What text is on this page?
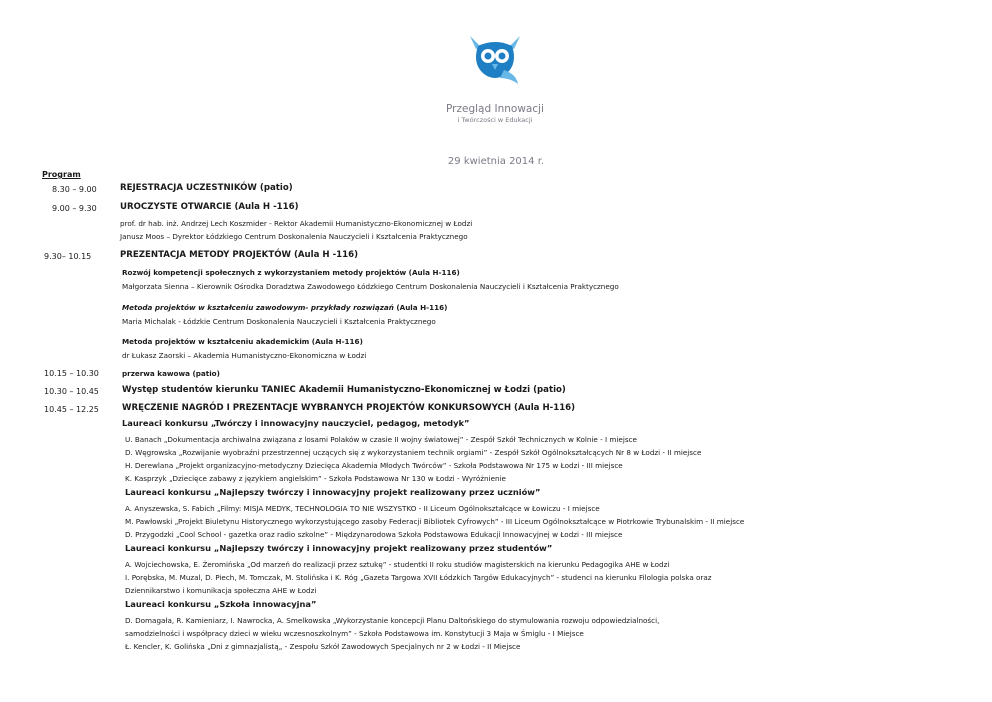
Przegląd Innowacji
i Twórczości w Edukacji
29 kwietnia 2014 r.
Program
8.30 – 9.00	REJESTRACJA UCZESTNIKÓW (patio)
9.00 – 9.30	UROCZYSTE OTWARCIE (Aula H -116)
prof. dr hab. inż. Andrzej Lech Koszmider - Rektor Akademii Humanistyczno-Ekonomicznej w Łodzi
Janusz Moos – Dyrektor Łódzkiego Centrum Doskonalenia Nauczycieli i Kształcenia Praktycznego
9.30– 10.15	PREZENTACJA METODY PROJEKTÓW (Aula H -116)
Rozwój kompetencji społecznych z wykorzystaniem metody projektów (Aula H-116)
Małgorzata Sienna – Kierownik Ośrodka Doradztwa Zawodowego Łódzkiego Centrum Doskonalenia Nauczycieli i Kształcenia Praktycznego
Metoda projektów w kształceniu zawodowym- przykłady rozwiązań (Aula H-116)
Maria Michalak - Łódzkie Centrum Doskonalenia Nauczycieli i Kształcenia Praktycznego
Metoda projektów w kształceniu akademickim (Aula H-116)
dr Łukasz Zaorski – Akademia Humanistyczno-Ekonomiczna w Łodzi
10.15 – 10.30	przerwa kawowa (patio)
10.30 – 10.45	Występ studentów kierunku TANIEC Akademii Humanistyczno-Ekonomicznej w Łodzi (patio)
10.45 – 12.25	WRĘCZENIE NAGRÓD I PREZENTACJE WYBRANYCH PROJEKTÓW KONKURSOWYCH (Aula H-116)
Laureaci konkursu „Twórczy i innowacyjny nauczyciel, pedagog, metodyk”
U. Banach „Dokumentacja archiwalna związana z losami Polaków w czasie II wojny światowej” - Zespół Szkół Technicznych w Kolnie - I miejsce
D. Węgrowska „Rozwijanie wyobraźni przestrzennej uczących się z wykorzystaniem technik orgiami” - Zespół Szkół Ogólnokształcących Nr 8 w Łodzi - II miejsce
H. Derewlana „Projekt organizacyjno-metodyczny Dziecięca Akademia Młodych Twórców” - Szkoła Podstawowa Nr 175 w Łodzi - III miejsce
K. Kasprzyk „Dziecięce zabawy z językiem angielskim” - Szkoła Podstawowa Nr 130 w Łodzi - Wyróżnienie
Laureaci konkursu „Najlepszy twórczy i innowacyjny projekt realizowany przez uczniów”
A. Anyszewska, S. Fabich „Filmy: MISJA MEDYK, TECHNOLOGIA TO NIE WSZYSTKO - II Liceum Ogólnokształcące w Łowiczu - I miejsce
M. Pawłowski „Projekt Biuletynu Historycznego wykorzystującego zasoby Federacji Bibliotek Cyfrowych” - III Liceum Ogólnokształcące w Piotrkowie Trybunalskim - II miejsce
D. Przygodzki „Cool School - gazetka oraz radio szkolne” - Międzynarodowa Szkoła Podstawowa Edukacji Innowacyjnej w Łodzi - III miejsce
Laureaci konkursu „Najlepszy twórczy i innowacyjny projekt realizowany przez studentów”
A. Wojciechowska, E. Żeromińska „Od marzeń do realizacji przez sztukę” - studentki II roku studiów magisterskich na kierunku Pedagogika AHE w Łodzi
I. Porębska, M. Muzal, D. Piech, M. Tomczak, M. Stolińska i K. Róg „Gazeta Targowa XVII Łódzkich Targów Edukacyjnych” - studenci na kierunku Filologia polska oraz
Dziennikarstwo i komunikacja społeczna AHE w Łodzi
Laureaci konkursu „Szkoła innowacyjna”
D. Domagała, R. Kamieniarz, I. Nawrocka, A. Smelkowska „Wykorzystanie koncepcji Planu Daltońskiego do stymulowania rozwoju odpowiedzialności,
samodzielności i współpracy dzieci w wieku wczesnoszkolnym” - Szkoła Podstawowa im. Konstytucji 3 Maja w Śmiglu - I Miejsce
Ł. Kencler, K. Golińska „Dni z gimnazjalistą„ - Zespołu Szkół Zawodowych Specjalnych nr 2 w Łodzi - II Miejsce
